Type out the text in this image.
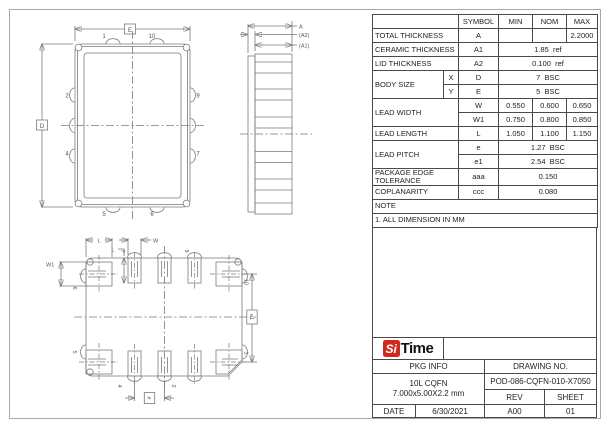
E
D
1	10
2	9
4	7
5	6
A
(A2)
(A1)
L	W
L
W1
e1
e
7	9
10
1
4	2
6
5
		SYMBOL	MIN	NOM	MAX
TOTAL THICKNESS		A			2.2000
CERAMIC THICKNESS		A1	1.85  ref		
LID THICKNESS		A2	0.100  ref		
BODY SIZE	X	D	7  BSC		
	Y	E	5  BSC		
LEAD WIDTH		W	0.550	0.600	0.650
		W1	0.750	0.800	0.850
LEAD LENGTH		L	1.050	1.100	1.150
LEAD PITCH		e	1.27  BSC		
		e1	2.54  BSC		
PACKAGE EDGE TOLERANCE		aaa	0.150		
COPLANARITY		ccc	0.080		
NOTE					
1. ALL DIMENSION IN MM					
Si Time
PKG INFO	DRAWING NO.
10L CQFN
7.000x5.00X2.2 mm
POD-086-CQFN-010-X7050
REV	SHEET
DATE	6/30/2021	A00	01
